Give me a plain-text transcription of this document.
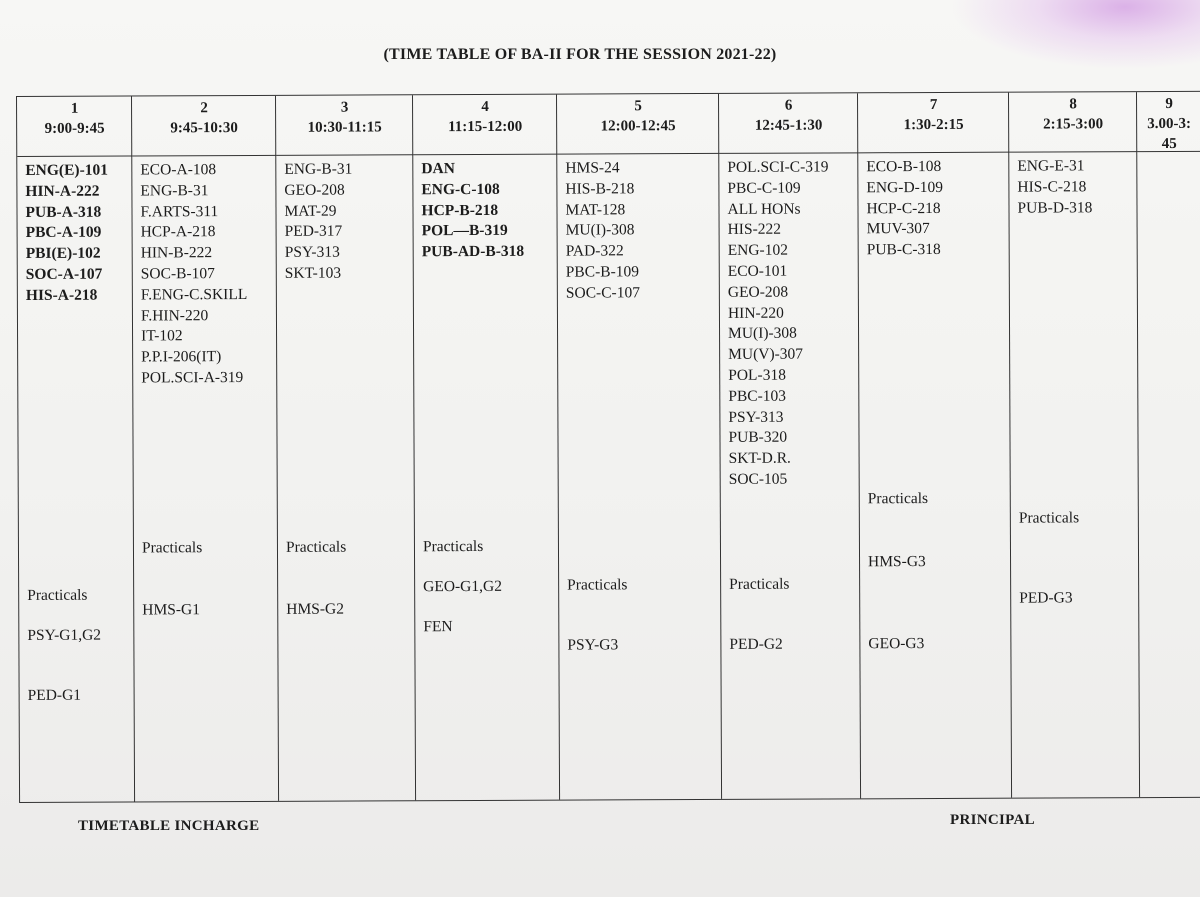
(TIME TABLE OF BA-II FOR THE SESSION 2021-22)
1
9:00-9:45
ENG(E)-101
HIN-A-222
PUB-A-318
PBC-A-109
PBI(E)-102
SOC-A-107
HIS-A-218
Practicals
PSY-G1,G2
PED-G1
2
9:45-10:30
ECO-A-108
ENG-B-31
F.ARTS-311
HCP-A-218
HIN-B-222
SOC-B-107
F.ENG-C.SKILL
F.HIN-220
IT-102
P.P.I-206(IT)
POL.SCI-A-319
Practicals
HMS-G1
3
10:30-11:15
ENG-B-31
GEO-208
MAT-29
PED-317
PSY-313
SKT-103
Practicals
HMS-G2
4
11:15-12:00
DAN
ENG-C-108
HCP-B-218
POL—B-319
PUB-AD-B-318
Practicals
GEO-G1,G2
FEN
5
12:00-12:45
HMS-24
HIS-B-218
MAT-128
MU(I)-308
PAD-322
PBC-B-109
SOC-C-107
Practicals
PSY-G3
6
12:45-1:30
POL.SCI-C-319
PBC-C-109
ALL HONs
HIS-222
ENG-102
ECO-101
GEO-208
HIN-220
MU(I)-308
MU(V)-307
POL-318
PBC-103
PSY-313
PUB-320
SKT-D.R.
SOC-105
Practicals
PED-G2
7
1:30-2:15
ECO-B-108
ENG-D-109
HCP-C-218
MUV-307
PUB-C-318
Practicals
HMS-G3
GEO-G3
8
2:15-3:00
ENG-E-31
HIS-C-218
PUB-D-318
Practicals
PED-G3
9
3.00-3:45
TIMETABLE INCHARGE	PRINCIPAL
